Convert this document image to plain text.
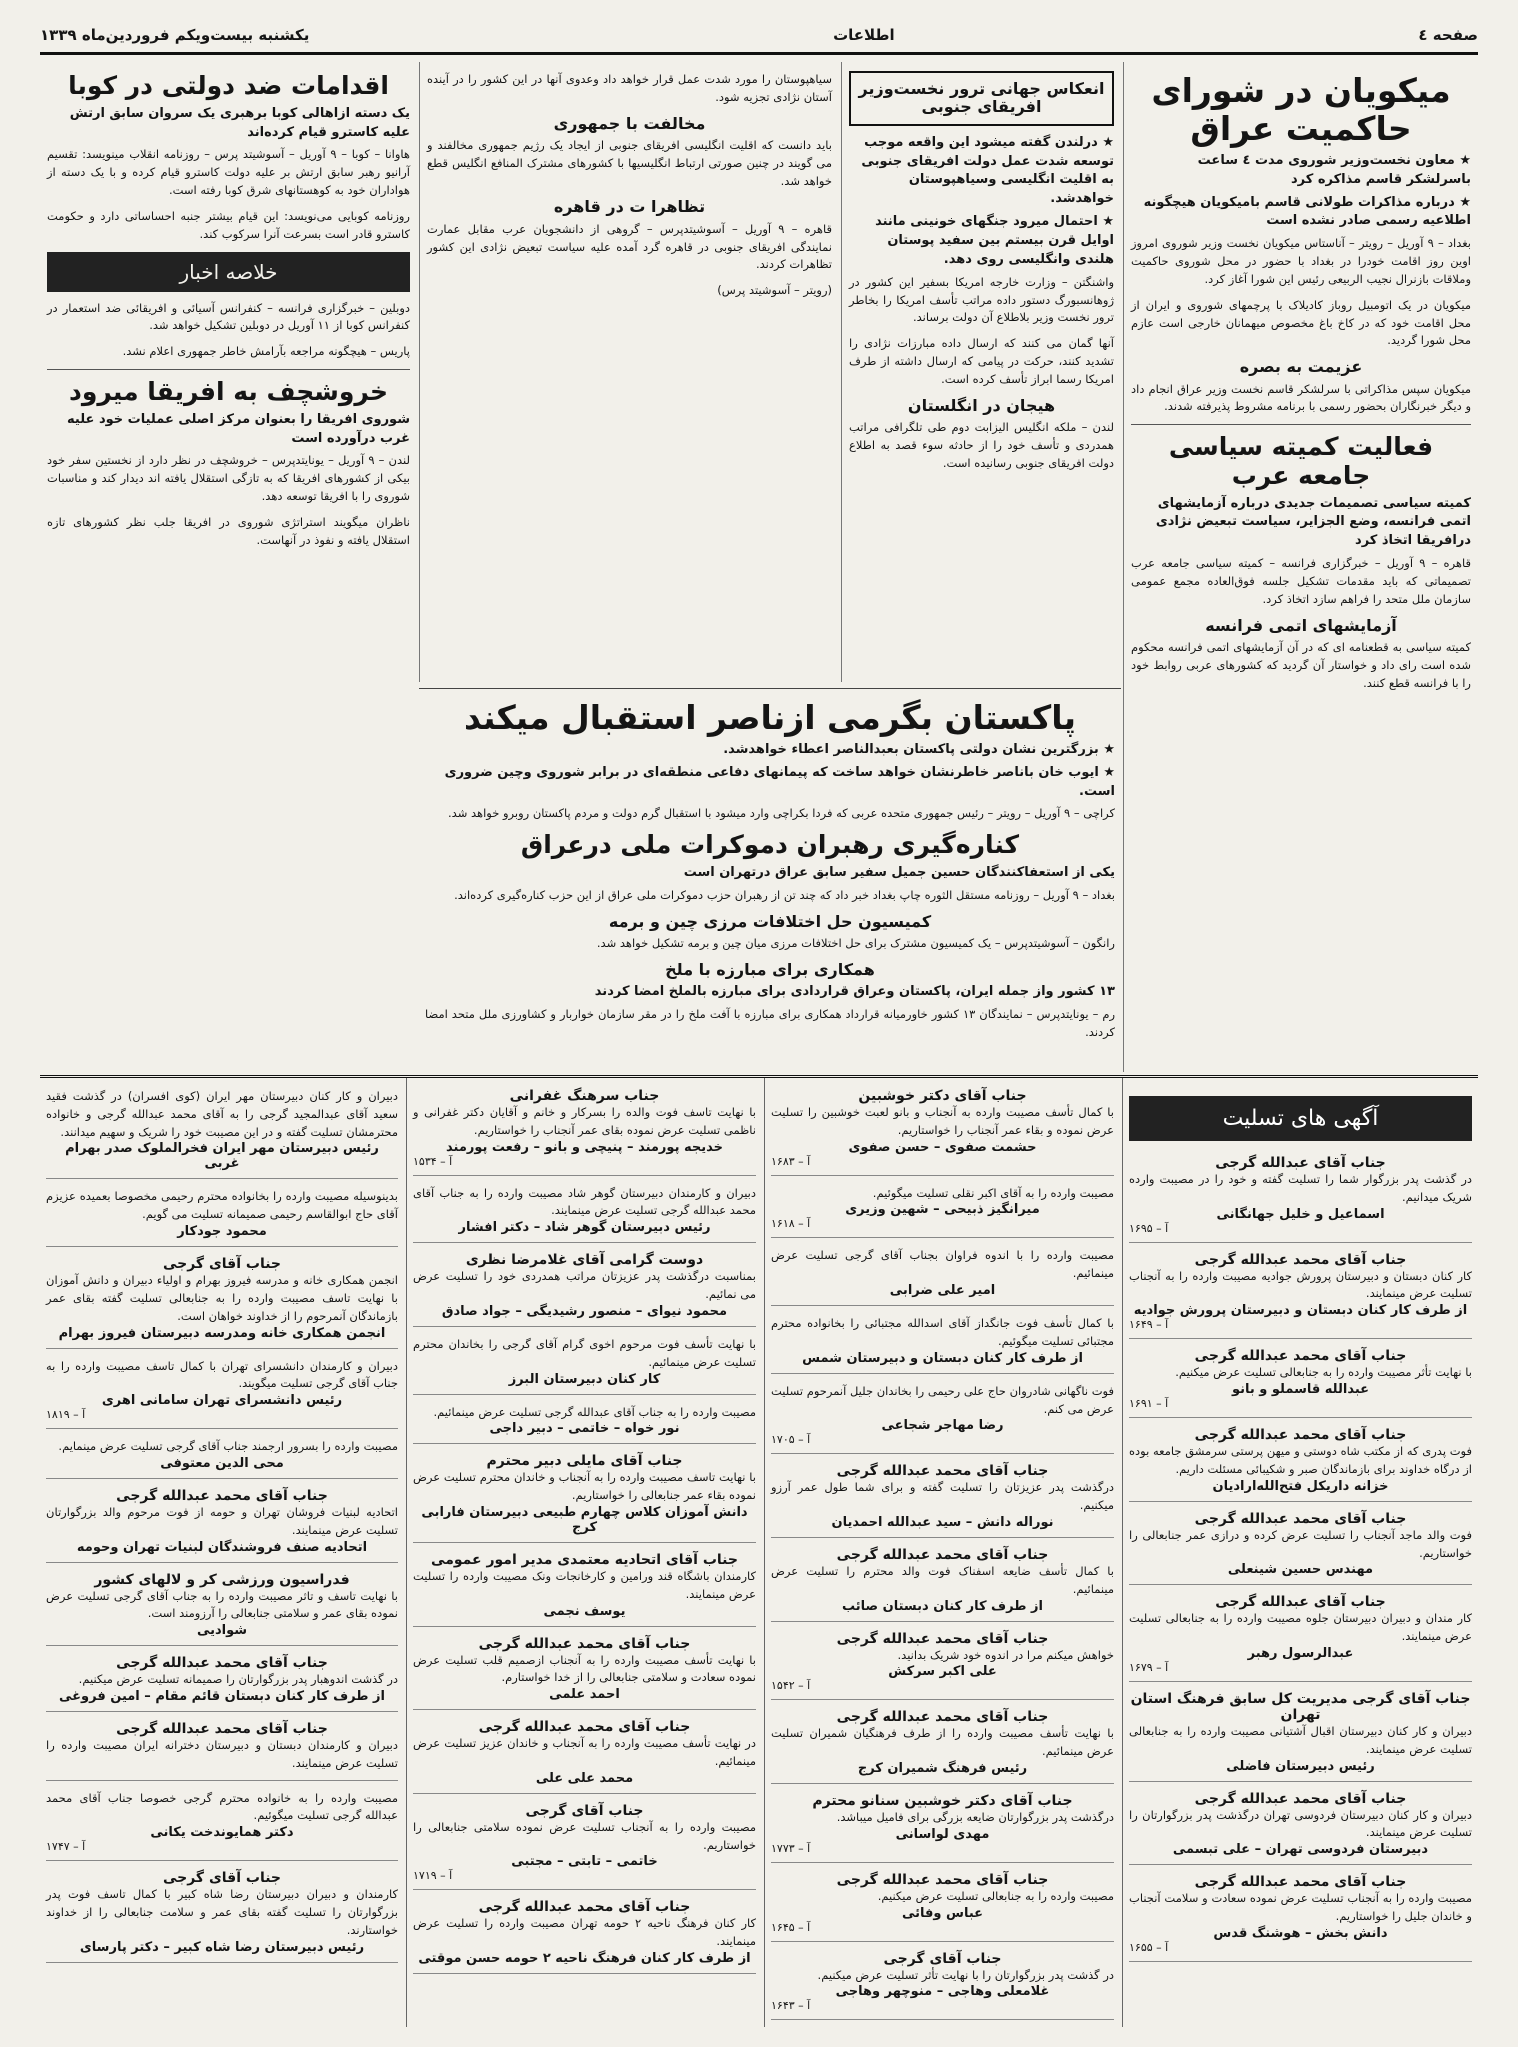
صفحه ٤
اطلاعات
یکشنبه بیست‌ویکم فروردین‌ماه ۱۳۳۹
میکویان در شورای حاکمیت عراق
★ معاون نخست‌وزیر شوروی مدت ٤ ساعت باسرلشکر قاسم مذاکره کرد
★ درباره مذاکرات طولانی قاسم بامیکویان هیچگونه اطلاعیه رسمی صادر نشده است

بغداد – ۹ آوریل – رویتر – آناستاس میکویان نخست وزیر شوروی امروز اوین روز اقامت خودرا در بغداد با حضور در محل شوروی حاکمیت وملاقات بازنرال نجیب الربیعی رئیس این شورا آغاز کرد.

میکویان در یک اتومبیل روباز کادیلاک با پرچمهای شوروی و ایران از محل اقامت خود که در کاخ باغ مخصوص میهمانان خارجی است عازم محل شورا گردید.

عزیمت به بصره

میکویان سپس مذاکراتی با سرلشکر قاسم نخست وزیر عراق انجام داد و دیگر خبرنگاران بحضور رسمی با برنامه مشروط پذیرفته شدند.

فعالیت کمیته سیاسی جامعه عرب
کمیته سیاسی تصمیمات جدیدی درباره آزمایشهای اتمی فرانسه، وضع الجزایر، سیاست تبعیض نژادی درافریقا اتخاذ کرد

قاهره – ۹ آوریل – خبرگزاری فرانسه – کمیته سیاسی جامعه عرب تصمیماتی که باید مقدمات تشکیل جلسه فوق‌العاده مجمع عمومی سازمان ملل متحد را فراهم سازد اتخاذ کرد.

آزمایشهای اتمی فرانسه

کمیته سیاسی به قطعنامه ای که در آن آزمایشهای اتمی فرانسه محکوم شده است رای داد و خواستار آن گردید که کشورهای عربی روابط خود را با فرانسه قطع کنند.

انعکاس جهانی ترور نخست‌وزیر افریقای جنوبی
★ درلندن گفته میشود این واقعه موجب توسعه شدت عمل دولت افریقای جنوبی به اقلیت انگلیسی وسیاهپوستان خواهدشد.
★ احتمال میرود جنگهای خونینی مانند اوایل قرن بیستم بین سفید پوستان هلندی وانگلیسی روی دهد.

واشنگتن – وزارت خارجه امریکا بسفیر این کشور در ژوهانسبورگ دستور داده مراتب تأسف امریکا را بخاطر ترور نخست وزیر بلاطلاع آن دولت برساند.

آنها گمان می کنند که ارسال داده مبارزات نژادی را تشدید کنند، حرکت در پیامی که ارسال داشته از طرف امریکا رسما ابراز تأسف کرده است.

هیجان در انگلستان

لندن – ملکه انگلیس الیزابت دوم طی تلگرافی مراتب همدردی و تأسف خود را از حادثه سوء قصد به اطلاع دولت افریقای جنوبی رسانیده است.

سیاهپوستان را مورد شدت عمل قرار خواهد داد وعدوی آنها در این کشور را در آینده آستان نژادی تجزیه شود.

مخالفت با جمهوری

باید دانست که اقلیت انگلیسی افریقای جنوبی از ایجاد یک رژیم جمهوری مخالفند و می گویند در چنین صورتی ارتباط انگلیسیها با کشورهای مشترک المنافع انگلیس قطع خواهد شد.

تظاهرا ت در قاهره

قاهره – ۹ آوریل – آسوشیتدپرس – گروهی از دانشجویان عرب مقابل عمارت نمایندگی افریقای جنوبی در قاهره گرد آمده علیه سیاست تبعیض نژادی این کشور تظاهرات کردند.

(رویتر – آسوشیتد پرس)
اقدامات ضد دولتی در کوبا
یک دسته ازاهالی کوبا برهبری یک سروان سابق ارتش علیه کاسترو قیام کرده‌اند

هاوانا – کوبا – ۹ آوریل – آسوشیتد پرس – روزنامه انقلاب مینویسد: تقسیم آرانیو رهبر سابق ارتش بر علیه دولت کاسترو قیام کرده و با یک دسته از هواداران خود به کوهستانهای شرق کوبا رفته است.

روزنامه کوبایی می‌نویسد: این قیام بیشتر جنبه احساساتی دارد و حکومت کاسترو قادر است بسرعت آنرا سرکوب کند.

خلاصه اخبار

دوبلین – خبرگزاری فرانسه – کنفرانس آسیائی و افریقائی ضد استعمار در کنفرانس کوبا از ۱۱ آوریل در دوبلین تشکیل خواهد شد.

پاریس – هیچگونه مراجعه بآرامش خاطر جمهوری اعلام نشد.

خروشچف به افریقا میرود
شوروی افریقا را بعنوان مرکز اصلی عملیات خود علیه غرب درآورده است

لندن – ۹ آوریل – یونایتدپرس – خروشچف در نظر دارد از نخستین سفر خود بیکی از کشورهای افریقا که به تازگی استقلال یافته اند دیدار کند و مناسبات شوروی را با افریقا توسعه دهد.

ناظران میگویند استراتژی شوروی در افریقا جلب نظر کشورهای تازه استقلال یافته و نفوذ در آنهاست.

پاکستان بگرمی ازناصر استقبال میکند
★ بزرگترین نشان دولتی پاکستان بعبدالناصر اعطاء خواهدشد.
★ ایوب خان باناصر خاطرنشان خواهد ساخت که پیمانهای دفاعی منطقه‌ای در برابر شوروی وچین ضروری است.

کراچی – ۹ آوریل – رویتر – رئیس جمهوری متحده عربی که فردا بکراچی وارد میشود با استقبال گرم دولت و مردم پاکستان روبرو خواهد شد.

کناره‌گیری رهبران دموکرات ملی درعراق
یکی از استعفاکنندگان حسین جمیل سفیر سابق عراق درتهران است

بغداد – ۹ آوریل – روزنامه مستقل الثوره چاپ بغداد خبر داد که چند تن از رهبران حزب دموکرات ملی عراق از این حزب کناره‌گیری کرده‌اند.

کمیسیون حل اختلافات مرزی چین و برمه

رانگون – آسوشیتدپرس – یک کمیسیون مشترک برای حل اختلافات مرزی میان چین و برمه تشکیل خواهد شد.

همکاری برای مبارزه با ملخ
۱۳ کشور واز جمله ایران، پاکستان وعراق قراردادی برای مبارزه بالملخ امضا کردند

رم – یونایتدپرس – نمایندگان ۱۳ کشور خاورمیانه قرارداد همکاری برای مبارزه با آفت ملخ را در مقر سازمان خواربار و کشاورزی ملل متحد امضا کردند.

آگهی های تسلیت
جناب آقای عبدالله گرجی
در گذشت پدر بزرگوار شما را تسلیت گفته و خود را در مصیبت وارده شریک میدانیم.
اسماعیل و خلیل جهانگانی
آ – ۱۶۹۵
جناب آقای محمد عبدالله گرجی
کار کنان دبستان و دبیرستان پرورش جوادیه مصیبت وارده را به آنجناب تسلیت عرض مینمایند.
از طرف کار کنان دبستان و دبیرستان پرورش جوادیه
آ – ۱۶۴۹
جناب آقای محمد عبدالله گرجی
با نهایت تأثر مصیبت وارده را به جنابعالی تسلیت عرض میکنیم.
عبدالله قاسملو و بانو
آ – ۱۶۹۱
جناب آقای محمد عبدالله گرجی
فوت پدری که از مکتب شاه دوستی و میهن پرستی سرمشق جامعه بوده از درگاه خداوند برای بازماندگان صبر و شکیبائی مسئلت داریم.
خزانه داریکل فتح‌الله‌ارادیان
جناب آقای محمد عبدالله گرجی
فوت والد ماجد آنجناب را تسلیت عرض کرده و درازی عمر جنابعالی را خواستاریم.
مهندس حسین شینعلی
جناب آقای عبدالله گرجی
کار مندان و دبیران دبیرستان جلوه مصیبت وارده را به جنابعالی تسلیت عرض مینمایند.
عبدالرسول رهبر
آ – ۱۶۷۹
جناب آقای گرجی مدیریت کل سابق فرهنگ استان تهران
دبیران و کار کنان دبیرستان اقبال آشتیانی مصیبت وارده را به جنابعالی تسلیت عرض مینمایند.
رئیس دبیرستان فاضلی
جناب آقای محمد عبدالله گرجی
دبیران و کار کنان دبیرستان فردوسی تهران درگذشت پدر بزرگوارتان را تسلیت عرض مینمایند.
دبیرستان فردوسی تهران – علی تبسمی
جناب آقای محمد عبدالله گرجی
مصیبت وارده را به آنجناب تسلیت عرض نموده سعادت و سلامت آنجناب و خاندان جلیل را خواستاریم.
دانش بخش – هوشنگ قدس
آ – ۱۶۵۵
جناب آقای دکتر خوشبین
با کمال تأسف مصیبت وارده به آنجناب و بانو لعبت خوشبین را تسلیت عرض نموده و بقاء عمر آنجناب را خواستاریم.
حشمت صفوی – حسن صفوی
آ – ۱۶۸۳
مصیبت وارده را به آقای اکبر نقلی تسلیت میگوئیم.
میرانگیز ذبیحی – شهین وزیری
آ – ۱۶۱۸
مصیبت وارده را با اندوه فراوان بجناب آقای گرجی تسلیت عرض مینمائیم.
امیر علی ضرابی
با کمال تأسف فوت جانگداز آقای اسدالله مجتبائی را بخانواده محترم مجتبائی تسلیت میگوئیم.
از طرف کار کنان دبستان و دبیرستان شمس
فوت ناگهانی شادروان حاج علی رحیمی را بخاندان جلیل آنمرحوم تسلیت عرض می کنم.
رضا مهاجر شجاعی
آ – ۱۷۰۵
جناب آقای محمد عبدالله گرجی
درگذشت پدر عزیزتان را تسلیت گفته و برای شما طول عمر آرزو میکنیم.
نوراله دانش – سید عبدالله احمدیان
جناب آقای محمد عبدالله گرجی
با کمال تأسف ضایعه اسفناک فوت والد محترم را تسلیت عرض مینمائیم.
از طرف کار کنان دبستان صائب
جناب آقای محمد عبدالله گرجی
خواهش میکنم مرا در اندوه خود شریک بدانید.
علی اکبر سرکش
آ – ۱۵۴۲
جناب آقای محمد عبدالله گرجی
با نهایت تأسف مصیبت وارده را از طرف فرهنگیان شمیران تسلیت عرض مینمائیم.
رئیس فرهنگ شمیران کرج
جناب آقای دکتر خوشبین سنانو محترم
درگذشت پدر بزرگوارتان ضایعه بزرگی برای فامیل میباشد.
مهدی لواسانی
آ – ۱۷۷۳
جناب آقای محمد عبدالله گرجی
مصیبت وارده را به جنابعالی تسلیت عرض میکنیم.
عباس وفائی
آ – ۱۶۴۵
جناب آقای گرجی
در گذشت پدر بزرگوارتان را با نهایت تأثر تسلیت عرض میکنیم.
غلامعلی وهاجی – منوچهر وهاجی
آ – ۱۶۴۳
جناب سرهنگ غفرانی
با نهایت تاسف فوت والده را بسرکار و خانم و آقایان دکتر غفرانی و ناظمی تسلیت عرض نموده بقای عمر آنجناب را خواستاریم.
خدیجه پورمند – پنیچی و بانو – رفعت پورمند
آ – ۱۵۳۴
دبیران و کارمندان دبیرستان گوهر شاد مصیبت وارده را به جناب آقای محمد عبدالله گرجی تسلیت عرض مینمایند.
رئیس دبیرستان گوهر شاد – دکتر افشار
دوست گرامی آقای غلامرضا نظری
بمناسبت درگذشت پدر عزیزتان مراتب همدردی خود را تسلیت عرض می نمائیم.
محمود نیوای – منصور رشیدیگی – جواد صادق
با نهایت تأسف فوت مرحوم اخوی گرام آقای گرجی را بخاندان محترم تسلیت عرض مینمائیم.
کار کنان دبیرستان البرز
مصیبت وارده را به جناب آقای عبدالله گرجی تسلیت عرض مینمائیم.
نور خواه – خاتمی – دبیر داجی
جناب آقای مایلی دبیر محترم
با نهایت تاسف مصیبت وارده را به آنجناب و خاندان محترم تسلیت عرض نموده بقاء عمر جنابعالی را خواستاریم.
دانش آموزان کلاس چهارم طبیعی دبیرستان فارابی کرج
جناب آقای اتحادیه معتمدی مدیر امور عمومی
کارمندان باشگاه قند ورامین و کارخانجات ونک مصیبت وارده را تسلیت عرض مینمایند.
یوسف نجمی
جناب آقای محمد عبدالله گرجی
با نهایت تأسف مصیبت وارده را به آنجناب ازصمیم قلب تسلیت عرض نموده سعادت و سلامتی جنابعالی را از خدا خواستارم.
احمد علمی
جناب آقای محمد عبدالله گرجی
در نهایت تأسف مصیبت وارده را به آنجناب و خاندان عزیز تسلیت عرض مینمائیم.
محمد علی علی
جناب آقای گرجی
مصیبت وارده را به آنجناب تسلیت عرض نموده سلامتی جنابعالی را خواستاریم.
خاتمی – تابتی – مجتبی
آ – ۱۷۱۹
جناب آقای محمد عبدالله گرجی
کار کنان فرهنگ ناحیه ۲ حومه تهران مصیبت وارده را تسلیت عرض مینمایند.
از طرف کار کنان فرهنگ ناحیه ۲ حومه حسن موقتی
دبیران و کار کنان دبیرستان مهر ایران (کوی افسران) در گذشت فقید سعید آقای عبدالمجید گرجی را به آقای محمد عبدالله گرجی و خانواده محترمشان تسلیت گفته و در این مصیبت خود را شریک و سهیم میدانند.
رئیس دبیرستان مهر ایران فخرالملوک صدر بهرام غربی
بدینوسیله مصیبت وارده را بخانواده محترم رحیمی مخصوصا بعمیده عزیزم آقای حاج ابوالقاسم رحیمی صمیمانه تسلیت می گویم.
محمود جودکار
جناب آقای گرجی
انجمن همکاری خانه و مدرسه فیروز بهرام و اولیاء دبیران و دانش آموزان با نهایت تاسف مصیبت وارده را به جنابعالی تسلیت گفته بقای عمر بازماندگان آنمرحوم را از خداوند خواهان است.
انجمن همکاری خانه ومدرسه دبیرستان فیروز بهرام
دبیران و کارمندان دانشسرای تهران با کمال تاسف مصیبت وارده را به جناب آقای گرجی تسلیت میگویند.
رئیس دانشسرای تهران سامانی اهری
آ – ۱۸۱۹
مصیبت وارده را بسرور ارجمند جناب آقای گرجی تسلیت عرض مینمایم.
محی الدین معتوفی
جناب آقای محمد عبدالله گرجی
اتحادیه لبنیات فروشان تهران و حومه از فوت مرحوم والد بزرگوارتان تسلیت عرض مینمایند.
اتحادیه صنف فروشندگان لبنیات تهران وحومه
فدراسیون ورزشی کر و لالهای کشور
با نهایت تاسف و تاثر مصیبت وارده را به جناب آقای گرجی تسلیت عرض نموده بقای عمر و سلامتی جنابعالی را آرزومند است.
شوادیی
جناب آقای محمد عبدالله گرجی
در گذشت اندوهبار پدر بزرگوارتان را صمیمانه تسلیت عرض میکنیم.
از طرف کار کنان دبستان قائم مقام – امین فروغی
جناب آقای محمد عبدالله گرجی
دبیران و کارمندان دبستان و دبیرستان دخترانه ایران مصیبت وارده را تسلیت عرض مینمایند.
مصیبت وارده را به خانواده محترم گرجی خصوصا جناب آقای محمد عبدالله گرجی تسلیت میگوئیم.
دکتر همایوندخت یکانی
آ – ۱۷۴۷
جناب آقای گرجی
کارمندان و دبیران دبیرستان رضا شاه کبیر با کمال تاسف فوت پدر بزرگوارتان را تسلیت گفته بقای عمر و سلامت جنابعالی را از خداوند خواستارند.
رئیس دبیرستان رضا شاه کبیر – دکتر پارسای
